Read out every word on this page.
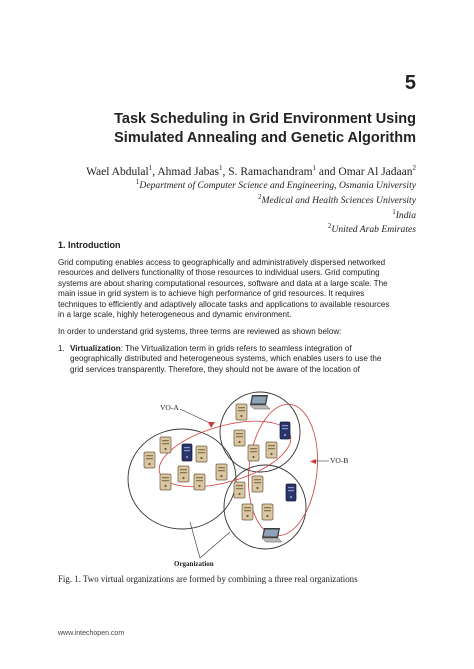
5
Task Scheduling in Grid Environment Using
Simulated Annealing and Genetic Algorithm
Wael Abdulal$^1$, Ahmad Jabas$^1$, S. Ramachandram$^1$ and Omar Al Jadaan$^2$
$^1$Department of Computer Science and Engineering, Osmania University
$^2$Medical and Health Sciences University
$^1$India
$^2$United Arab Emirates
1. Introduction
Grid computing enables access to geographically and administratively dispersed networked
resources and delivers functionality of those resources to individual users. Grid computing
systems are about sharing computational resources, software and data at a large scale. The
main issue in grid system is to achieve high performance of grid resources. It requires
techniques to efficiently and adaptively allocate tasks and applications to available resources
in a large scale, highly heterogeneous and dynamic environment.
In order to understand grid systems, three terms are reviewed as shown below:
1. Virtualization: The Virtualization term in grids refers to seamless integration of
geographically distributed and heterogeneous systems, which enables users to use the
grid services transparently. Therefore, they should not be aware of the location of
VO-A
VO-B
Organization
Fig. 1. Two virtual organizations are formed by combining a three real organizations
www.intechopen.com
